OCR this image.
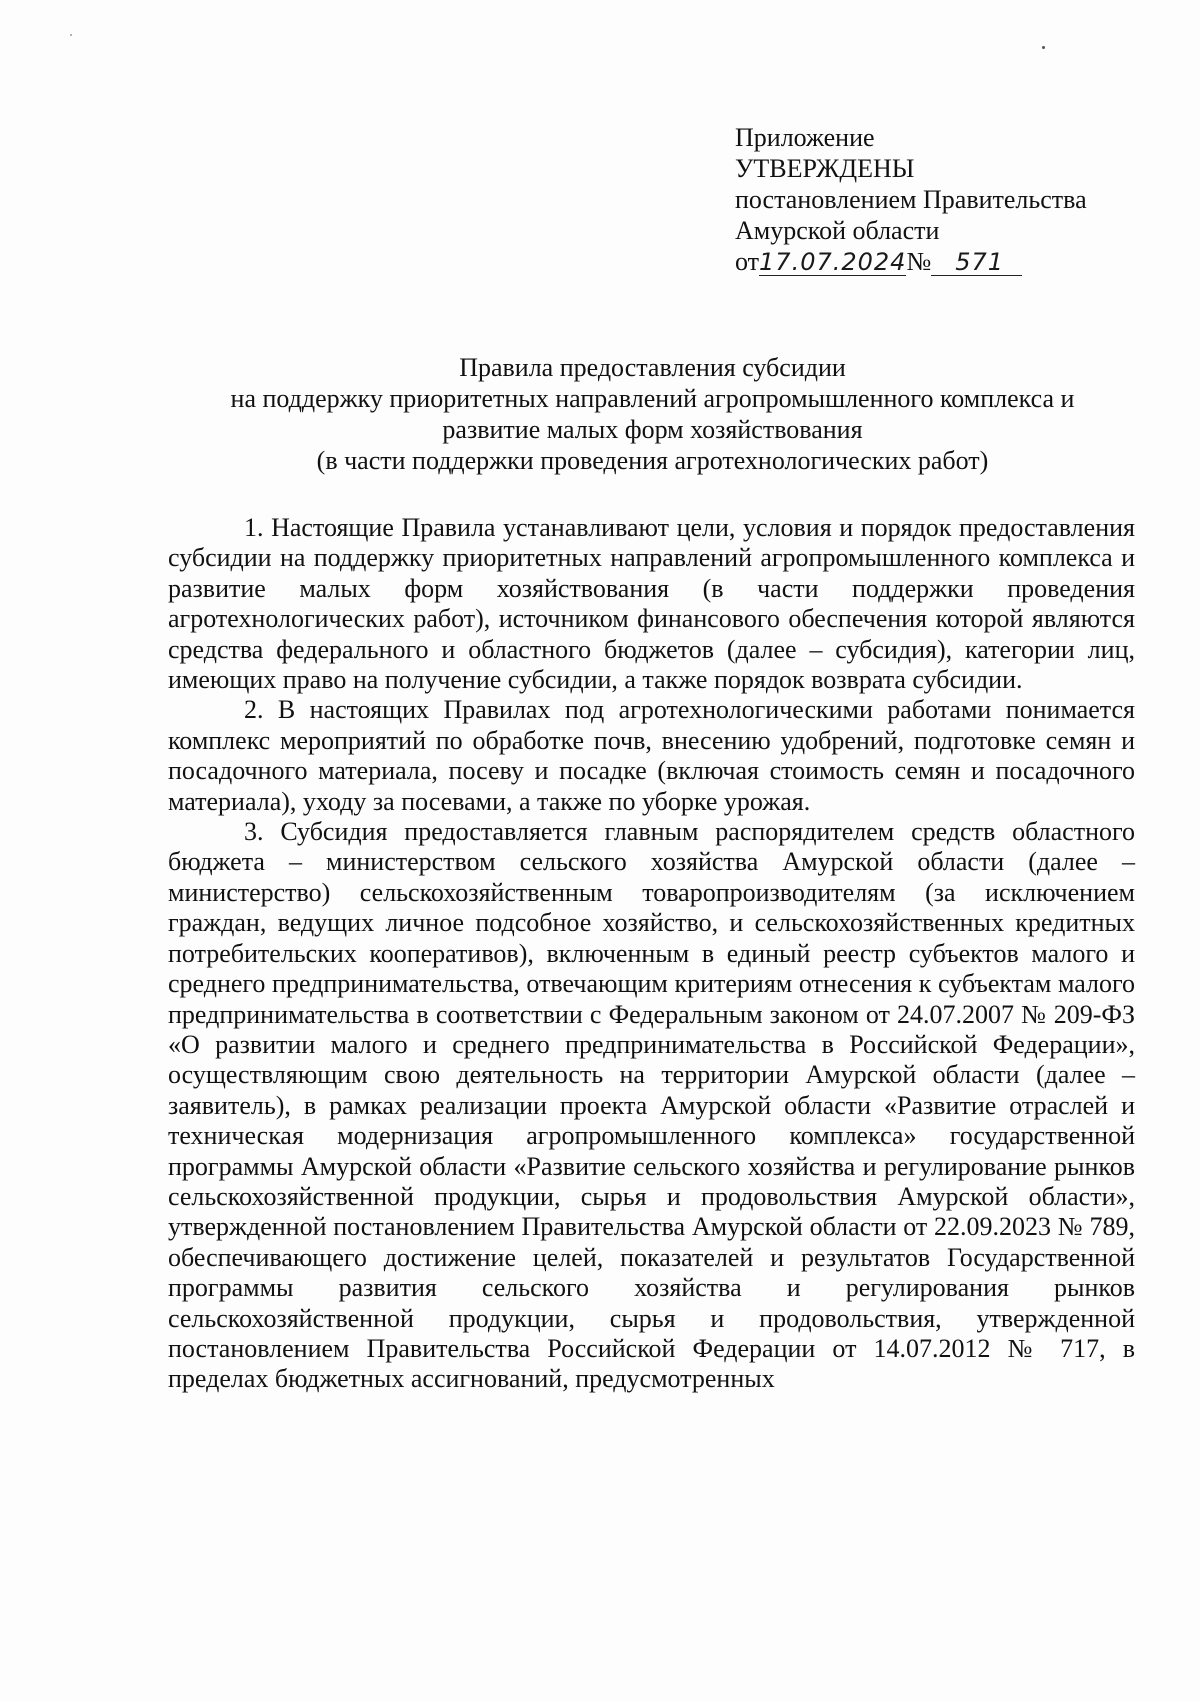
Приложение
УТВЕРЖДЕНЫ
постановлением Правительства
Амурской области
от17.07.2024№ 571
Правила предоставления субсидии
на поддержку приоритетных направлений агропромышленного комплекса и
развитие малых форм хозяйствования
(в части поддержки проведения агротехнологических работ)

1. Настоящие Правила устанавливают цели, условия и порядок предоставления субсидии на поддержку приоритетных направлений агропромышленного комплекса и развитие малых форм хозяйствования (в части поддержки проведения агротехнологических работ), источником финансового обеспечения которой являются средства федерального и областного бюджетов (далее – субсидия), категории лиц, имеющих право на получение субсидии, а также порядок возврата субсидии.

2. В настоящих Правилах под агротехнологическими работами понимается комплекс мероприятий по обработке почв, внесению удобрений, подготовке семян и посадочного материала, посеву и посадке (включая стоимость семян и посадочного материала), уходу за посевами, а также по уборке урожая.

3. Субсидия предоставляется главным распорядителем средств областного бюджета – министерством сельского хозяйства Амурской области (далее – министерство) сельскохозяйственным товаропроизводителям (за исключением граждан, ведущих личное подсобное хозяйство, и сельскохозяйственных кредитных потребительских кооперативов), включенным в единый реестр субъектов малого и среднего предпринимательства, отвечающим критериям отнесения к субъектам малого предпринимательства в соответствии с Федеральным законом от 24.07.2007 № 209-ФЗ «О развитии малого и среднего предпринимательства в Российской Федерации», осуществляющим свою деятельность на территории Амурской области (далее – заявитель), в рамках реализации проекта Амурской области «Развитие отраслей и техническая модернизация агропромышленного комплекса» государственной программы Амурской области «Развитие сельского хозяйства и регулирование рынков сельскохозяйственной продукции, сырья и продовольствия Амурской области», утвержденной постановлением Правительства Амурской области от 22.09.2023 № 789, обеспечивающего достижение целей, показателей и результатов Государственной программы развития сельского хозяйства и регулирования рынков сельскохозяйственной продукции, сырья и продовольствия, утвержденной постановлением Правительства Российской Федерации от 14.07.2012 № 717, в пределах бюджетных ассигнований, предусмотренных
